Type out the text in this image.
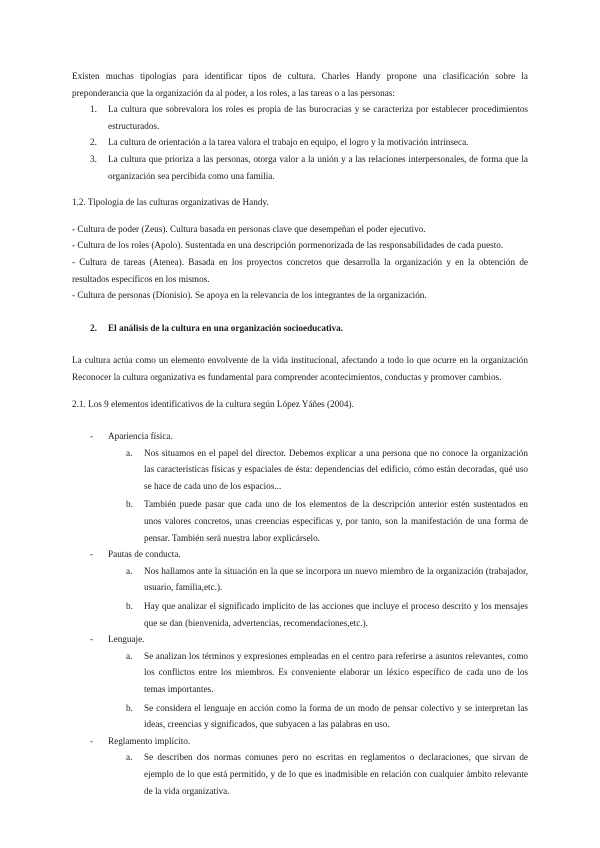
Existen muchas tipologías para identificar tipos de cultura. Charles Handy propone una clasificación sobre la preponderancia que la organización da al poder, a los roles, a las tareas o a las personas:

1. La cultura que sobrevalora los roles es propia de las burocracias y se caracteriza por establecer procedimientos estructurados.
2. La cultura de orientación a la tarea valora el trabajo en equipo, el logro y la motivación intrínseca.
3. La cultura que prioriza a las personas, otorga valor a la unión y a las relaciones interpersonales, de forma que la organización sea percibida como una familia.

1.2. Tipología de las culturas organizativas de Handy.

- Cultura de poder (Zeus). Cultura basada en personas clave que desempeñan el poder ejecutivo.

- Cultura de los roles (Apolo). Sustentada en una descripción pormenorizada de las responsabilidades de cada puesto.

- Cultura de tareas (Atenea). Basada en los proyectos concretos que desarrolla la organización y en la obtención de resultados específicos en los mismos.

- Cultura de personas (Dionisio). Se apoya en la relevancia de los integrantes de la organización.

2. El análisis de la cultura en una organización socioeducativa.

La cultura actúa como un elemento envolvente de la vida institucional, afectando a todo lo que ocurre en la organización Reconocer la cultura organizativa es fundamental para comprender acontecimientos, conductas y promover cambios.

2.1. Los 9 elementos identificativos de la cultura según López Yáñes (2004).

- Apariencia física.
a. Nos situamos en el papel del director. Debemos explicar a una persona que no conoce la organización las características físicas y espaciales de ésta: dependencias del edificio, cómo están decoradas, qué uso se hace de cada uno de los espacios...
b. También puede pasar que cada uno de los elementos de la descripción anterior estén sustentados en unos valores concretos, unas creencias específicas y, por tanto, son la manifestación de una forma de pensar. También será nuestra labor explicárselo.
- Pautas de conducta.
a. Nos hallamos ante la situación en la que se incorpora un nuevo miembro de la organización (trabajador, usuario, familia,etc.).
b. Hay que analizar el significado implícito de las acciones que incluye el proceso descrito y los mensajes que se dan (bienvenida, advertencias, recomendaciones,etc.).
- Lenguaje.
a. Se analizan los términos y expresiones empleadas en el centro para referirse a asuntos relevantes, como los conflictos entre los miembros. Es conveniente elaborar un léxico específico de cada uno de los temas importantes.
b. Se considera el lenguaje en acción como la forma de un modo de pensar colectivo y se interpretan las ideas, creencias y significados, que subyacen a las palabras en uso.
- Reglamento implícito.
a. Se describen dos normas comunes pero no escritas en reglamentos o declaraciones, que sirvan de ejemplo de lo que está permitido, y de lo que es inadmisible en relación con cualquier ámbito relevante de la vida organizativa.
